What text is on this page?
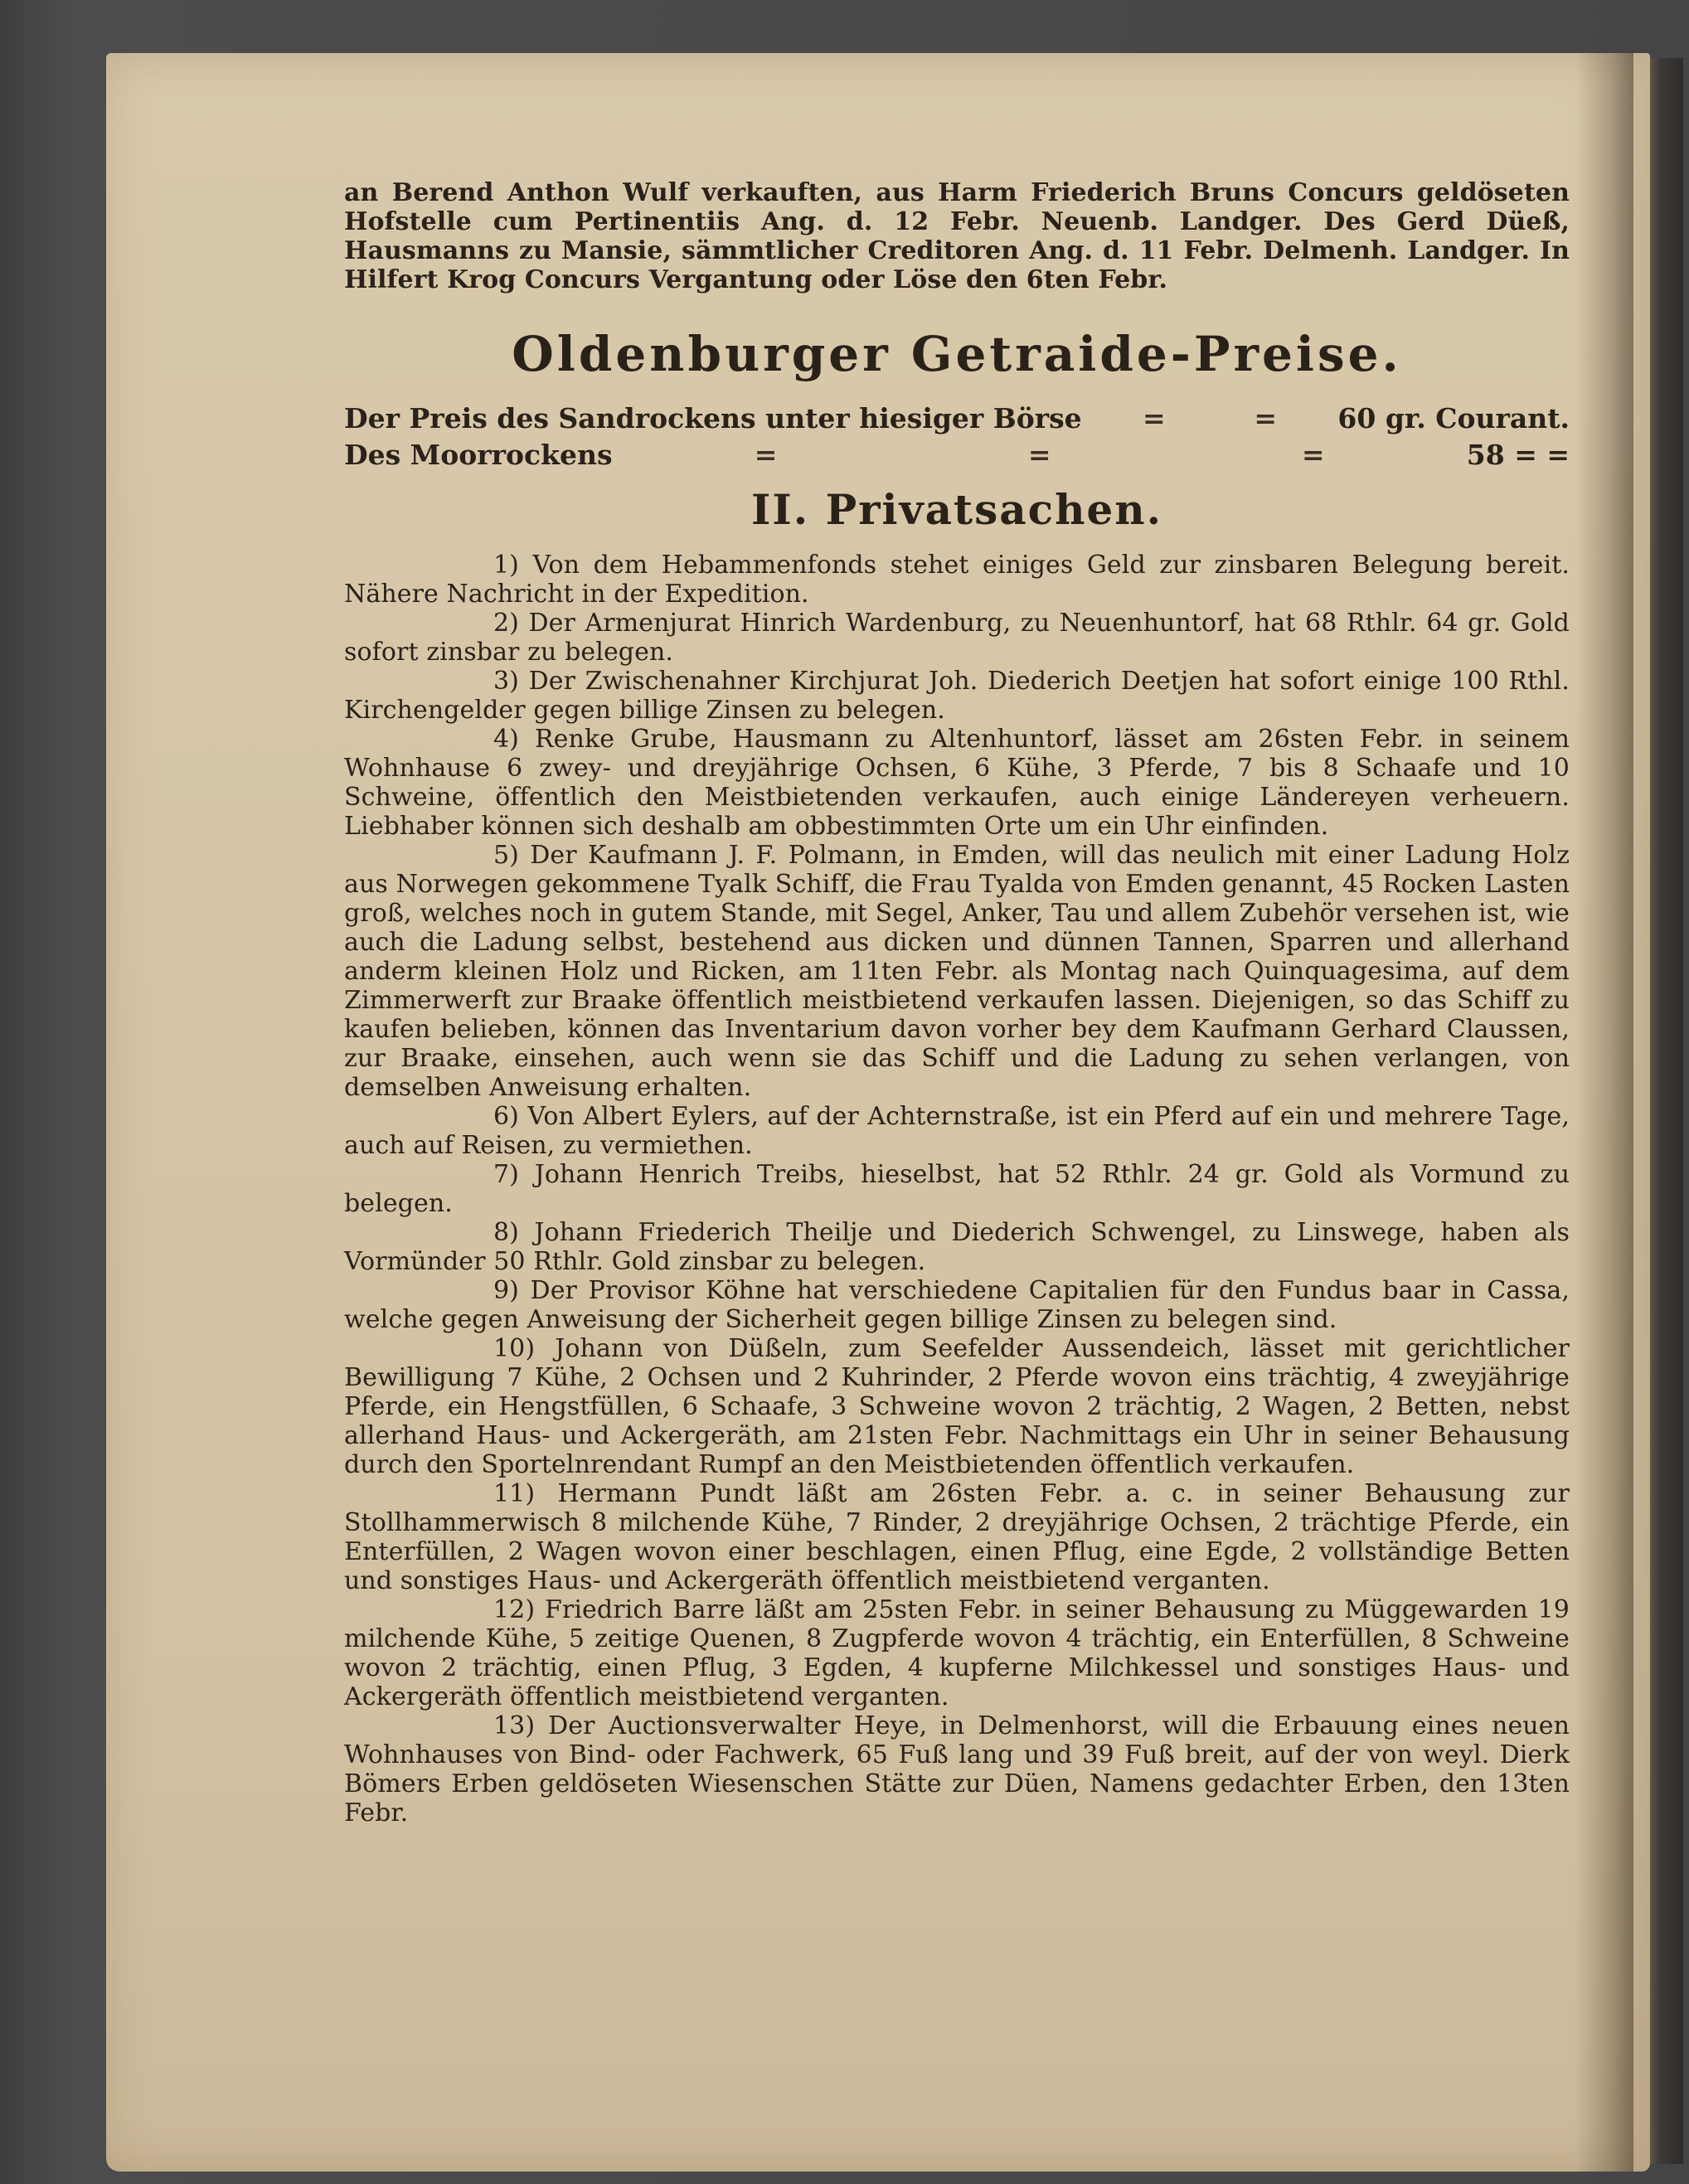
an Berend Anthon Wulf verkauften, aus Harm Friederich Bruns Concurs geldöseten Hofstelle cum Pertinentiis Ang. d. 12 Febr. Neuenb. Landger. Des Gerd Düeß, Hausmanns zu Mansie, sämmtlicher Creditoren Ang. d. 11 Febr. Delmenh. Landger. In Hilfert Krog Concurs Vergantung oder Löse den 6ten Febr.

Oldenburger Getraide-Preise.
Der Preis des Sandrockens unter hiesiger Börse =	= 60 gr. Courant.
Des Moorrockens	=	=	=	58 = =
II. Privatsachen.

1) Von dem Hebammenfonds stehet einiges Geld zur zinsbaren Belegung bereit. Nähere Nachricht in der Expedition.

2) Der Armenjurat Hinrich Wardenburg, zu Neuenhuntorf, hat 68 Rthlr. 64 gr. Gold sofort zinsbar zu belegen.

3) Der Zwischenahner Kirchjurat Joh. Diederich Deetjen hat sofort einige 100 Rthl. Kirchengelder gegen billige Zinsen zu belegen.

4) Renke Grube, Hausmann zu Altenhuntorf, lässet am 26sten Febr. in seinem Wohnhause 6 zwey- und dreyjährige Ochsen, 6 Kühe, 3 Pferde, 7 bis 8 Schaafe und 10 Schweine, öffentlich den Meistbietenden verkaufen, auch einige Ländereyen verheuern. Liebhaber können sich deshalb am obbestimmten Orte um ein Uhr einfinden.

5) Der Kaufmann J. F. Polmann, in Emden, will das neulich mit einer Ladung Holz aus Norwegen gekommene Tyalk Schiff, die Frau Tyalda von Emden genannt, 45 Rocken Lasten groß, welches noch in gutem Stande, mit Segel, Anker, Tau und allem Zubehör versehen ist, wie auch die Ladung selbst, bestehend aus dicken und dünnen Tannen, Sparren und allerhand anderm kleinen Holz und Ricken, am 11ten Febr. als Montag nach Quinquagesima, auf dem Zimmerwerft zur Braake öffentlich meistbietend verkaufen lassen. Diejenigen, so das Schiff zu kaufen belieben, können das Inventarium davon vorher bey dem Kaufmann Gerhard Claussen, zur Braake, einsehen, auch wenn sie das Schiff und die Ladung zu sehen verlangen, von demselben Anweisung erhalten.

6) Von Albert Eylers, auf der Achternstraße, ist ein Pferd auf ein und mehrere Tage, auch auf Reisen, zu vermiethen.

7) Johann Henrich Treibs, hieselbst, hat 52 Rthlr. 24 gr. Gold als Vormund zu belegen.

8) Johann Friederich Theilje und Diederich Schwengel, zu Linswege, haben als Vormünder 50 Rthlr. Gold zinsbar zu belegen.

9) Der Provisor Köhne hat verschiedene Capitalien für den Fundus baar in Cassa, welche gegen Anweisung der Sicherheit gegen billige Zinsen zu belegen sind.

10) Johann von Düßeln, zum Seefelder Aussendeich, lässet mit gerichtlicher Bewilligung 7 Kühe, 2 Ochsen und 2 Kuhrinder, 2 Pferde wovon eins trächtig, 4 zweyjährige Pferde, ein Hengstfüllen, 6 Schaafe, 3 Schweine wovon 2 trächtig, 2 Wagen, 2 Betten, nebst allerhand Haus- und Ackergeräth, am 21sten Febr. Nachmittags ein Uhr in seiner Behausung durch den Sportelnrendant Rumpf an den Meistbietenden öffentlich verkaufen.

11) Hermann Pundt läßt am 26sten Febr. a. c. in seiner Behausung zur Stollhammerwisch 8 milchende Kühe, 7 Rinder, 2 dreyjährige Ochsen, 2 trächtige Pferde, ein Enterfüllen, 2 Wagen wovon einer beschlagen, einen Pflug, eine Egde, 2 vollständige Betten und sonstiges Haus- und Ackergeräth öffentlich meistbietend verganten.

12) Friedrich Barre läßt am 25sten Febr. in seiner Behausung zu Müggewarden 19 milchende Kühe, 5 zeitige Quenen, 8 Zugpferde wovon 4 trächtig, ein Enterfüllen, 8 Schweine wovon 2 trächtig, einen Pflug, 3 Egden, 4 kupferne Milchkessel und sonstiges Haus- und Ackergeräth öffentlich meistbietend verganten.

13) Der Auctionsverwalter Heye, in Delmenhorst, will die Erbauung eines neuen Wohnhauses von Bind- oder Fachwerk, 65 Fuß lang und 39 Fuß breit, auf der von weyl. Dierk Bömers Erben geldöseten Wiesenschen Stätte zur Düen, Namens gedachter Erben, den 13ten Febr.
